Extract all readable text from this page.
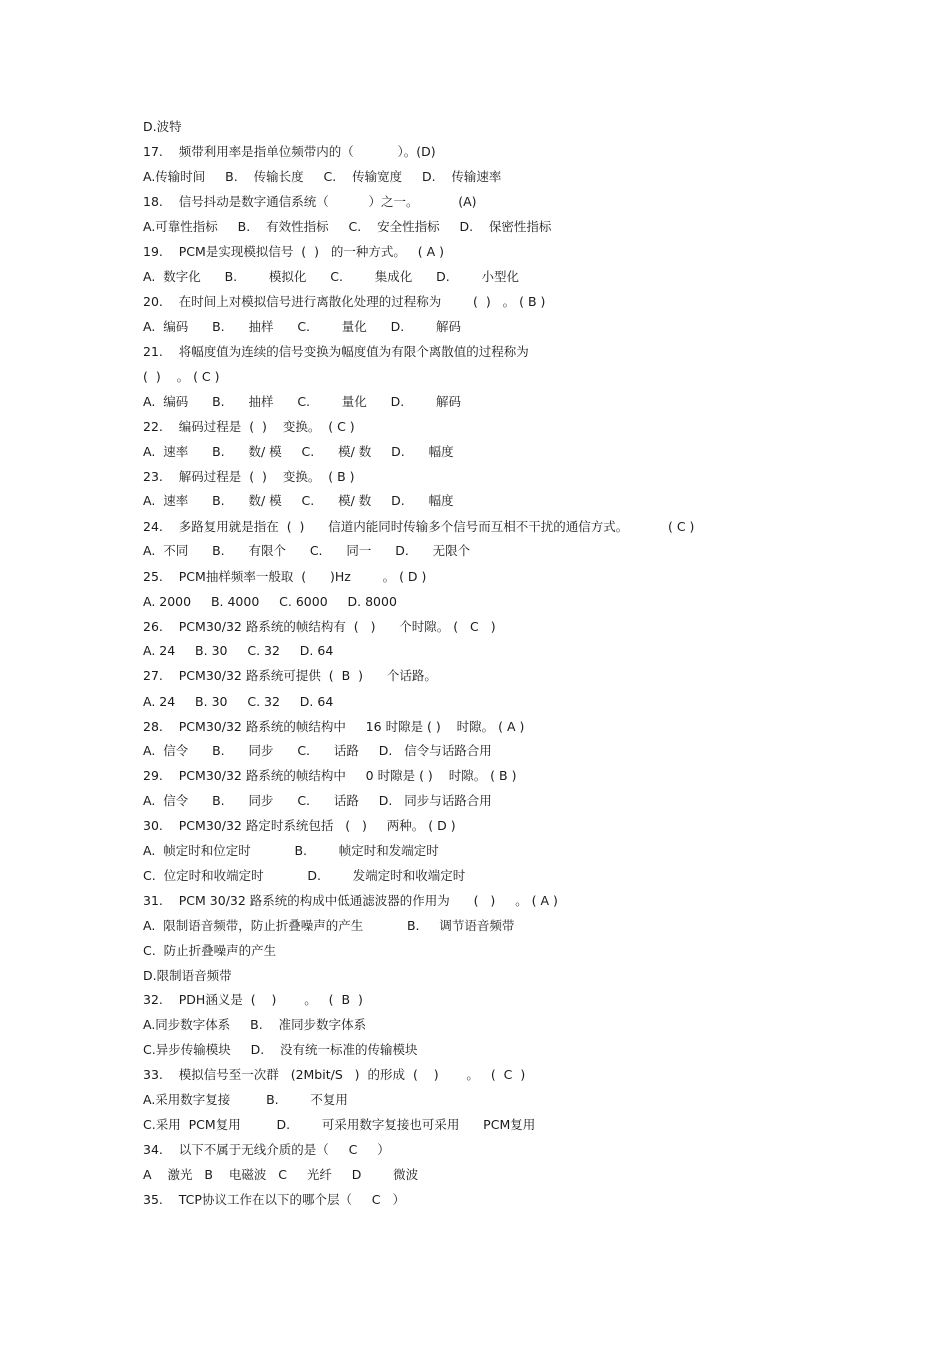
D.波特
17.    频带利用率是指单位频带内的（           ）。(D)
A.传输时间     B.    传输长度     C.    传输宽度     D.    传输速率
18.    信号抖动是数字通信系统（          ）之一。          (A)
A.可靠性指标     B.    有效性指标     C.    安全性指标     D.    保密性指标
19.    PCM是实现模拟信号  (  )   的一种方式。   ( A )
A.  数字化      B.        模拟化      C.        集成化      D.        小型化
20.    在时间上对模拟信号进行离散化处理的过程称为        (  )   。 ( B )
A.  编码      B.      抽样      C.        量化      D.        解码
21.    将幅度值为连续的信号变换为幅度值为有限个离散值的过程称为
(  )    。 ( C )
A.  编码      B.      抽样      C.        量化      D.        解码
22.    编码过程是  (  )    变换。  ( C )
A.  速率      B.      数/ 模     C.      模/ 数     D.      幅度
23.    解码过程是  (  )    变换。  ( B )
A.  速率      B.      数/ 模     C.      模/ 数     D.      幅度
24.    多路复用就是指在  (  )      信道内能同时传输多个信号而互相不干扰的通信方式。          ( C )
A.  不同      B.      有限个      C.      同一      D.      无限个
25.    PCM抽样频率一般取  (      )Hz        。 ( D )
A. 2000     B. 4000     C. 6000     D. 8000
26.    PCM30∕32 路系统的帧结构有  (   )      个时隙。 (   C   )
A. 24     B. 30     C. 32     D. 64
27.    PCM30∕32 路系统可提供  (  B  )      个话路。
A. 24     B. 30     C. 32     D. 64
28.    PCM30∕32 路系统的帧结构中     16 时隙是 ( )    时隙。 ( A )
A.  信令      B.      同步      C.      话路     D.   信令与话路合用
29.    PCM30∕32 路系统的帧结构中     0 时隙是 ( )    时隙。 ( B )
A.  信令      B.      同步      C.      话路     D.   同步与话路合用
30.    PCM30∕32 路定时系统包括   (   )     两种。 ( D )
A.  帧定时和位定时           B.        帧定时和发端定时
C.  位定时和收端定时           D.        发端定时和收端定时
31.    PCM 30∕32 路系统的构成中低通滤波器的作用为      (   )     。 ( A )
A.  限制语音频带，防止折叠噪声的产生           B.     调节语音频带
C.  防止折叠噪声的产生
D.限制语音频带
32.    PDH涵义是  (    )       。   (  B  )
A.同步数字体系     B.    准同步数字体系
C.异步传输模块     D.    没有统一标准的传输模块
33.    模拟信号至一次群   (2Mbit/S   )  的形成  (    )       。   (  C  )
A.采用数字复接         B.        不复用
C.采用  PCM复用         D.        可采用数字复接也可采用      PCM复用
34.    以下不属于无线介质的是（     C     ）
A    激光   B    电磁波   C     光纤     D        微波
35.    TCP协议工作在以下的哪个层（     C   ）
